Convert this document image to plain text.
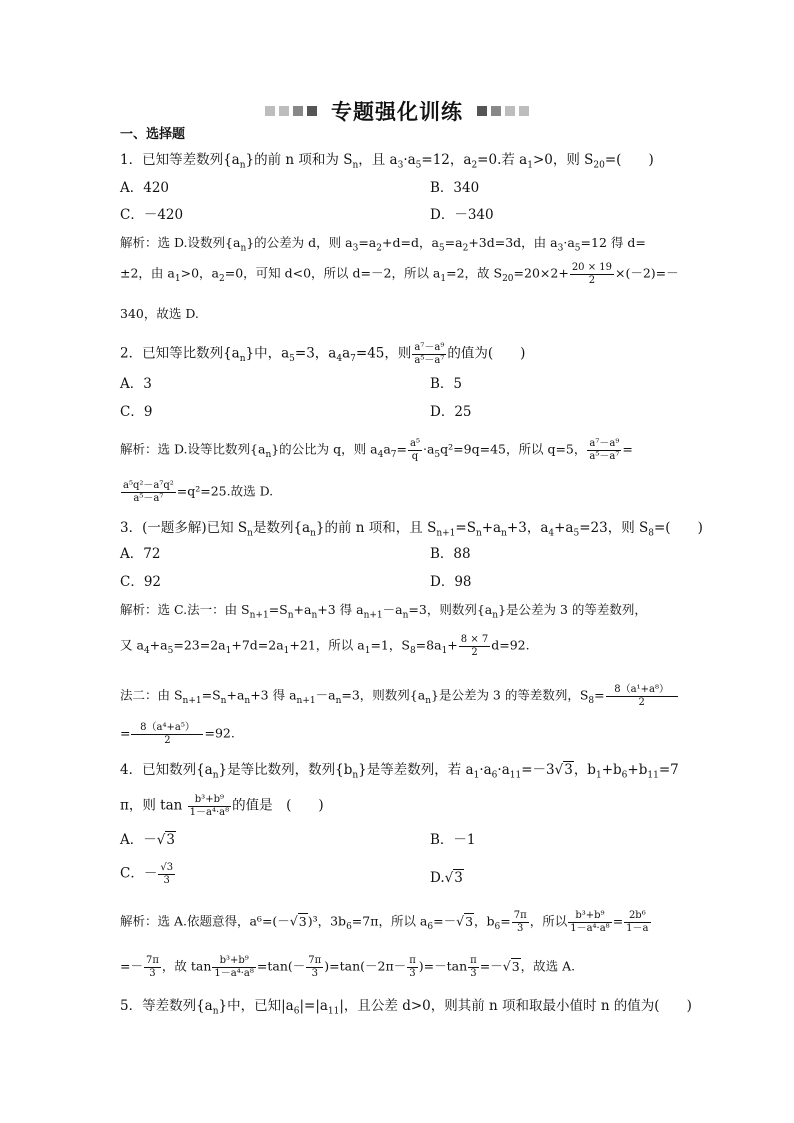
专题强化训练
一、选择题
1．已知等差数列$\{a_n\}$的前 n 项和为 $S_n$，且 $a_3\cdot a_5=12$，$a_2=0$.若 $a_1>0$，则 $S_{20}=$(　　)
A．420	B．340
C．－420	D．－340
解析：选 D.设数列$\{a_n\}$的公差为 d，则 $a_3=a_2+d=d$，$a_5=a_2+3d=3d$，由 $a_3\cdot a_5=12$ 得 d=
±2，由 $a_1>0$，$a_2=0$，可知 d<0，所以 d=－2，所以 $a_1=2$，故 $S_{20}=20\times 2+ \frac{20 \times 19}{2} \times(-2)=-$
340，故选 D.
2．已知等比数列$\{a_n\}$中，$a_5=3$，$a_4a_7=45$，则 $\frac{\text{a⁷－a⁹}}{\text{a⁵－a⁷}}$ 的值为(　　)
A．3	B．5
C．9	D．25
解析：选 D.设等比数列$\{a_n\}$的公比为 q，则 $a_4a_7= \frac{\text{a⁵}}{q} \cdot a_5q^2=9q=45$，所以 q=5， $\frac{\text{a⁷－a⁹}}{\text{a⁵－a⁷}}$ =
$\frac{\text{a⁵q²－a⁷q²}}{\text{a⁵－a⁷}} =q^2=25$.故选 D.
3．(一题多解)已知 $S_n$是数列$\{a_n\}$的前 n 项和，且 $S_{n+1}=S_n+a_n+3$，$a_4+a_5=23$，则 $S_8=$(　　)
A．72	B．88
C．92	D．98
解析：选 C.法一：由 $S_{n+1}=S_n+a_n+3$ 得 $a_{n+1}-a_n=3$，则数列$\{a_n\}$是公差为 3 的等差数列，
又 $a_4+a_5=23=2a_1+7d=2a_1+21$，所以 $a_1=1$，$S_8=8a_1+ \frac{8 \times 7}{2} d=92$.
法二：由 $S_{n+1}=S_n+a_n+3$ 得 $a_{n+1}-a_n=3$，则数列$\{a_n\}$是公差为 3 的等差数列，$S_8= \frac{\text{8（a¹+a⁸）}}{2}$
= $\frac{\text{8（a⁴+a⁵）}}{2} =92$.
4．已知数列$\{a_n\}$是等比数列，数列$\{b_n\}$是等差数列，若 $a_1\cdot a_6\cdot a_{11}=-3√3$，$b_1+b_6+b_{11}=7$
π，则 $\tan \frac{\text{b³+b⁹}}{\text{1－a⁴·a⁸}}$ 的值是　(　　)
A．－√3	B．－1
C．－ $\frac{√3}{3}$	D.√3
解析：选 A.依题意得，a⁶=(－√3)³，$3b_6=7\pi$，所以 $a_6=-√3$，$b_6= \frac{7\pi}{3}$ ，所以 $\frac{\text{b³+b⁹}}{\text{1－a⁴·a⁸}} = \frac{\text{2b⁶}}{1-a}$
=－ $\frac{7\pi}{3}$ ，故 $\tan \frac{\text{b³+b⁹}}{\text{1－a⁴·a⁸}} =\tan(- \frac{7\pi}{3} )=\tan(-2\pi- \frac{\pi}{3} )=-\tan \frac{\pi}{3} =-√3$，故选 A.
5．等差数列$\{a_n\}$中，已知$|a_6|=|a_{11}|$，且公差 d>0，则其前 n 项和取最小值时 n 的值为(　　)
